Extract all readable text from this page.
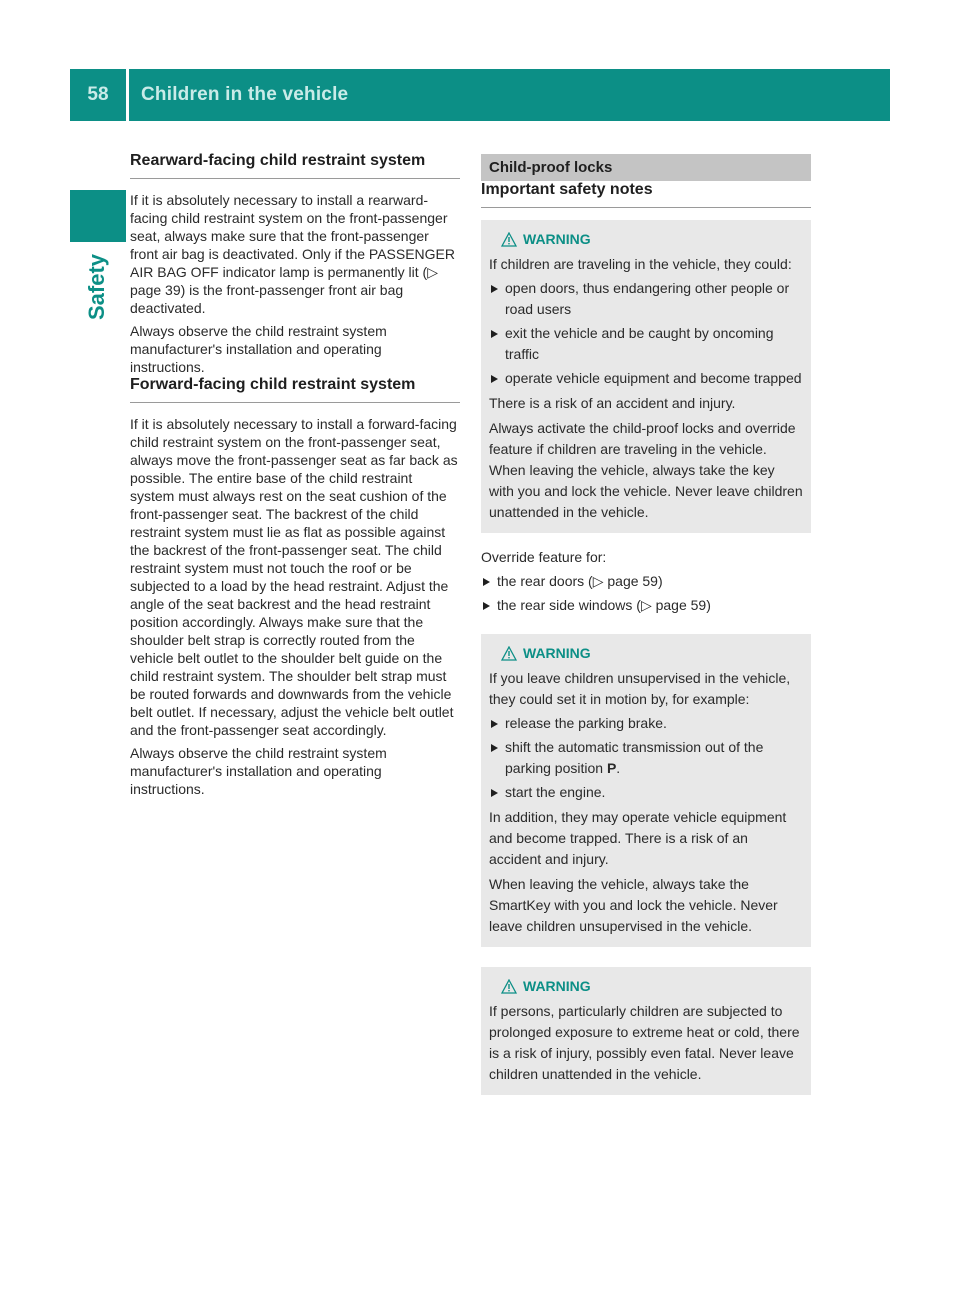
58	Children in the vehicle
Safety
Rearward-facing child restraint system

If it is absolutely necessary to install a rearward-facing child restraint system on the front-passenger seat, always make sure that the front-passenger front air bag is deactivated. Only if the PASSENGER AIR BAG OFF indicator lamp is permanently lit (▷ page 39) is the front-passenger front air bag deactivated.

Always observe the child restraint system manufacturer's installation and operating instructions.

Forward-facing child restraint system

If it is absolutely necessary to install a forward-facing child restraint system on the front-passenger seat, always move the front-passenger seat as far back as possible. The entire base of the child restraint system must always rest on the seat cushion of the front-passenger seat. The backrest of the child restraint system must lie as flat as possible against the backrest of the front-passenger seat. The child restraint system must not touch the roof or be subjected to a load by the head restraint. Adjust the angle of the seat backrest and the head restraint position accordingly. Always make sure that the shoulder belt strap is correctly routed from the vehicle belt outlet to the shoulder belt guide on the child restraint system. The shoulder belt strap must be routed forwards and downwards from the vehicle belt outlet. If necessary, adjust the vehicle belt outlet and the front-passenger seat accordingly.

Always observe the child restraint system manufacturer's installation and operating instructions.

Child-proof locks
Important safety notes
WARNING

If children are traveling in the vehicle, they could:

open doors, thus endangering other people or road users
exit the vehicle and be caught by oncoming traffic
operate vehicle equipment and become trapped

There is a risk of an accident and injury.

Always activate the child-proof locks and override feature if children are traveling in the vehicle. When leaving the vehicle, always take the key with you and lock the vehicle. Never leave children unattended in the vehicle.

Override feature for:

the rear doors (▷ page 59)
the rear side windows (▷ page 59)
WARNING

If you leave children unsupervised in the vehicle, they could set it in motion by, for example:

release the parking brake.
shift the automatic transmission out of the parking position P.
start the engine.

In addition, they may operate vehicle equipment and become trapped. There is a risk of an accident and injury.

When leaving the vehicle, always take the SmartKey with you and lock the vehicle. Never leave children unsupervised in the vehicle.

WARNING

If persons, particularly children are subjected to prolonged exposure to extreme heat or cold, there is a risk of injury, possibly even fatal. Never leave children unattended in the vehicle.
